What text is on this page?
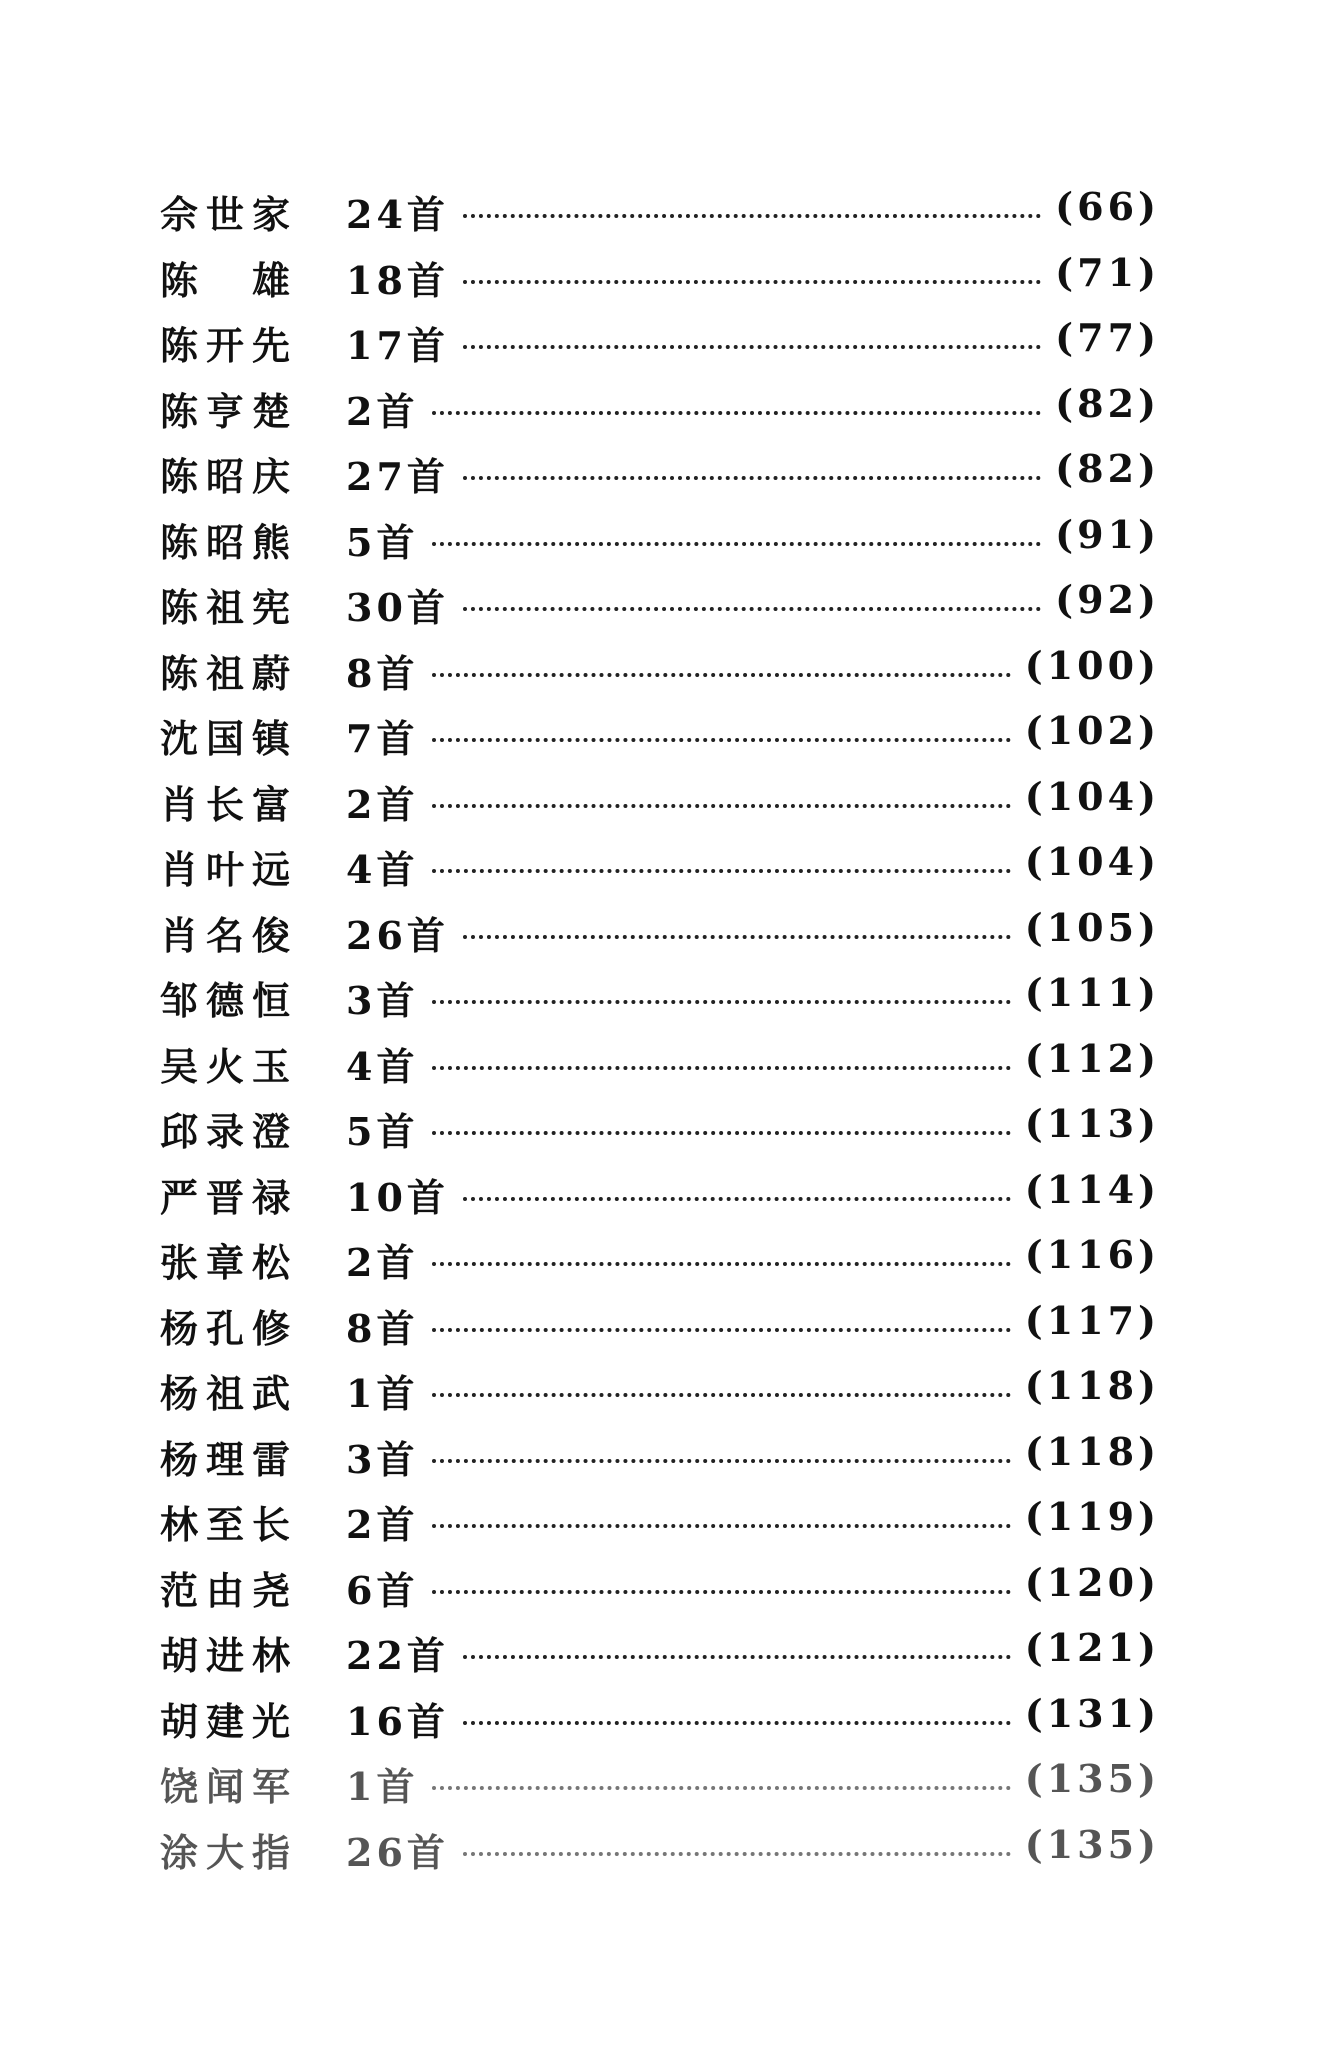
佘世家 24首	(66)
陈　雄 18首	(71)
陈开先 17首	(77)
陈亨楚 2首	(82)
陈昭庆 27首	(82)
陈昭熊 5首	(91)
陈祖宪 30首	(92)
陈祖蔚 8首	(100)
沈国镇 7首	(102)
肖长富 2首	(104)
肖叶远 4首	(104)
肖名俊 26首	(105)
邹德恒 3首	(111)
吴火玉 4首	(112)
邱录澄 5首	(113)
严晋禄 10首	(114)
张章松 2首	(116)
杨孔修 8首	(117)
杨祖武 1首	(118)
杨理雷 3首	(118)
林至长 2首	(119)
范由尧 6首	(120)
胡进林 22首	(121)
胡建光 16首	(131)
饶闻军 1首	(135)
涂大指 26首	(135)
